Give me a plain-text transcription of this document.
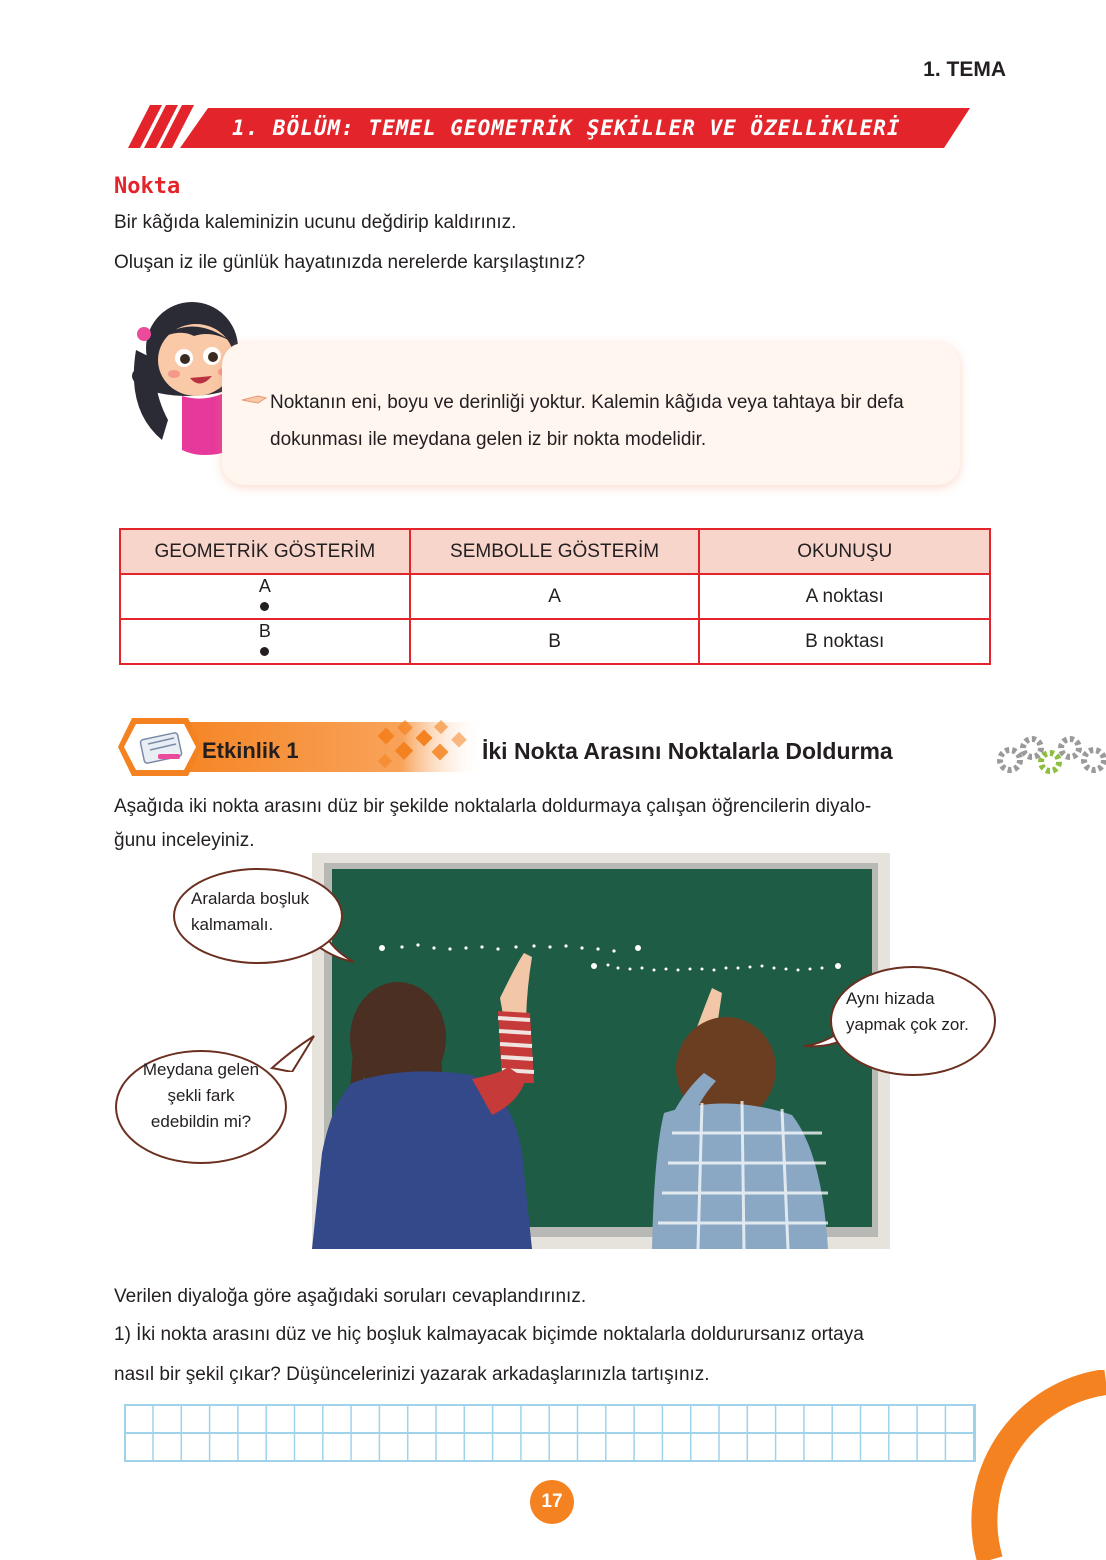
1. TEMA
1. BÖLÜM: TEMEL GEOMETRİK ŞEKİLLER VE ÖZELLİKLERİ
Nokta
Bir kâğıda kaleminizin ucunu değdirip kaldırınız.
Oluşan iz ile günlük hayatınızda nerelerde karşılaştınız?
Noktanın eni, boyu ve derinliği yoktur. Kalemin kâğıda veya tahtaya bir defa dokunması ile meydana gelen iz bir nokta modelidir.
GEOMETRİK GÖSTERİM	SEMBOLLE GÖSTERİM	OKUNUŞU

A	A	A noktası

B	B	B noktası
Etkinlik 1	İki Nokta Arasını Noktalarla Doldurma
Aşağıda iki nokta arasını düz bir şekilde noktalarla doldurmaya çalışan öğrencilerin diyalo-
ğunu inceleyiniz.
Aralarda boşluk
kalmamalı.
Meydana gelen
şekli fark
edebildin mi?
Aynı hizada
yapmak çok zor.
Verilen diyaloğa göre aşağıdaki soruları cevaplandırınız.
1) İki nokta arasını düz ve hiç boşluk kalmayacak biçimde noktalarla doldurursanız ortaya
nasıl bir şekil çıkar? Düşüncelerinizi yazarak arkadaşlarınızla tartışınız.
17
